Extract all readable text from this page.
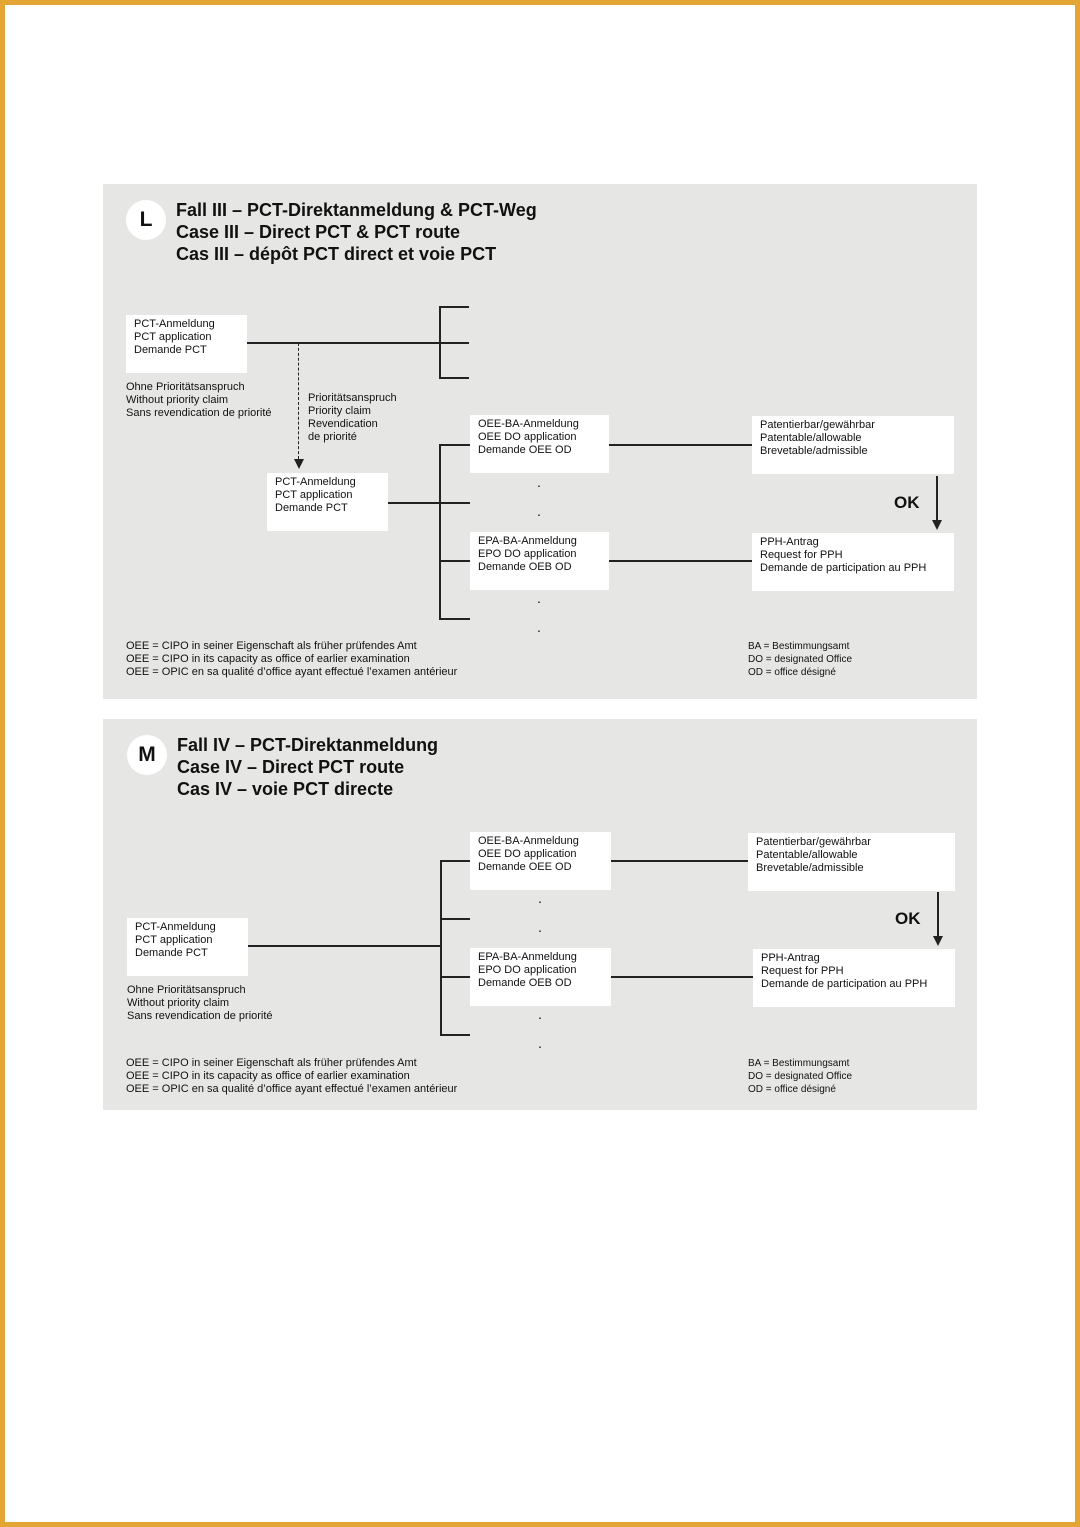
L	Fall III – PCT-Direktanmeldung & PCT-Weg
Case III – Direct PCT & PCT route
Cas III – dépôt PCT direct et voie PCT
OK
PCT-Anmeldung
PCT application
Demande PCT
Ohne Prioritätsanspruch
Without priority claim
Sans revendication de priorité
Prioritätsanspruch
Priority claim
Revendication
de priorité
PCT-Anmeldung
PCT application
Demande PCT
OEE-BA-Anmeldung
OEE DO application
Demande OEE OD
EPA-BA-Anmeldung
EPO DO application
Demande OEB OD
Patentierbar/gewährbar
Patentable/allowable
Brevetable/admissible
PPH-Antrag
Request for PPH
Demande de participation au PPH
.
.
.
.
OEE = CIPO in seiner Eigenschaft als früher prüfendes Amt
OEE = CIPO in its capacity as office of earlier examination
OEE = OPIC en sa qualité d’office ayant effectué l’examen antérieur
BA = Bestimmungsamt
DO = designated Office
OD = office désigné
M	Fall IV – PCT-Direktanmeldung
Case IV – Direct PCT route
Cas IV – voie PCT directe
OK
PCT-Anmeldung
PCT application
Demande PCT
Ohne Prioritätsanspruch
Without priority claim
Sans revendication de priorité
OEE-BA-Anmeldung
OEE DO application
Demande OEE OD
EPA-BA-Anmeldung
EPO DO application
Demande OEB OD
Patentierbar/gewährbar
Patentable/allowable
Brevetable/admissible
PPH-Antrag
Request for PPH
Demande de participation au PPH
.
.
.
.
OEE = CIPO in seiner Eigenschaft als früher prüfendes Amt
OEE = CIPO in its capacity as office of earlier examination
OEE = OPIC en sa qualité d’office ayant effectué l’examen antérieur
BA = Bestimmungsamt
DO = designated Office
OD = office désigné
